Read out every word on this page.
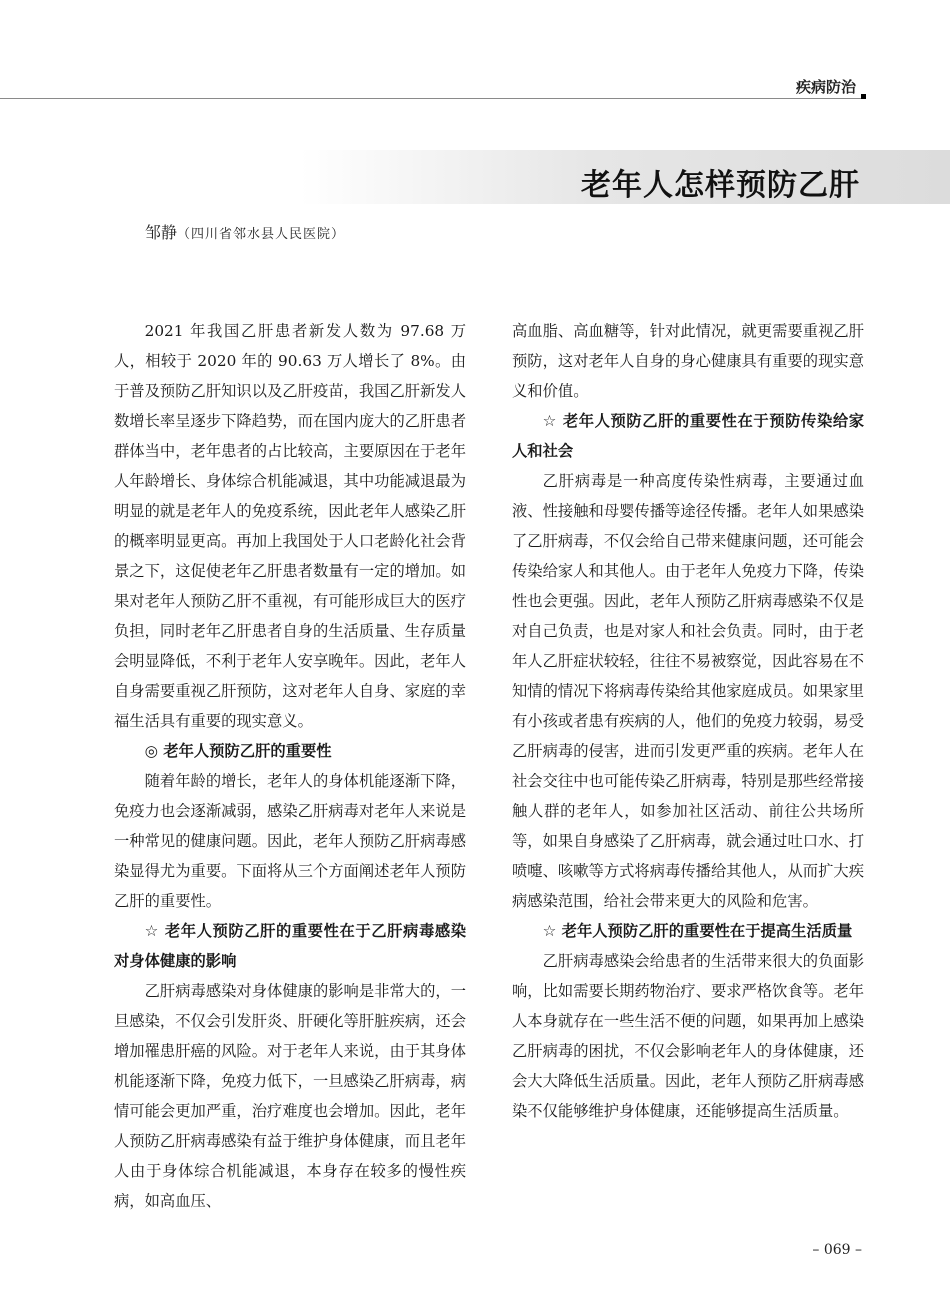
疾病防治
老年人怎样预防乙肝
邹静（四川省邻水县人民医院）

2021 年我国乙肝患者新发人数为 97.68 万人，相较于 2020 年的 90.63 万人增长了 8%。由于普及预防乙肝知识以及乙肝疫苗，我国乙肝新发人数增长率呈逐步下降趋势，而在国内庞大的乙肝患者群体当中，老年患者的占比较高，主要原因在于老年人年龄增长、身体综合机能减退，其中功能减退最为明显的就是老年人的免疫系统，因此老年人感染乙肝的概率明显更高。再加上我国处于人口老龄化社会背景之下，这促使老年乙肝患者数量有一定的增加。如果对老年人预防乙肝不重视，有可能形成巨大的医疗负担，同时老年乙肝患者自身的生活质量、生存质量会明显降低，不利于老年人安享晚年。因此，老年人自身需要重视乙肝预防，这对老年人自身、家庭的幸福生活具有重要的现实意义。

◎ 老年人预防乙肝的重要性

随着年龄的增长，老年人的身体机能逐渐下降，免疫力也会逐渐减弱，感染乙肝病毒对老年人来说是一种常见的健康问题。因此，老年人预防乙肝病毒感染显得尤为重要。下面将从三个方面阐述老年人预防乙肝的重要性。

☆ 老年人预防乙肝的重要性在于乙肝病毒感染对身体健康的影响

乙肝病毒感染对身体健康的影响是非常大的，一旦感染，不仅会引发肝炎、肝硬化等肝脏疾病，还会增加罹患肝癌的风险。对于老年人来说，由于其身体机能逐渐下降，免疫力低下，一旦感染乙肝病毒，病情可能会更加严重，治疗难度也会增加。因此，老年人预防乙肝病毒感染有益于维护身体健康，而且老年人由于身体综合机能减退，本身存在较多的慢性疾病，如高血压、

高血脂、高血糖等，针对此情况，就更需要重视乙肝预防，这对老年人自身的身心健康具有重要的现实意义和价值。

☆ 老年人预防乙肝的重要性在于预防传染给家人和社会

乙肝病毒是一种高度传染性病毒，主要通过血液、性接触和母婴传播等途径传播。老年人如果感染了乙肝病毒，不仅会给自己带来健康问题，还可能会传染给家人和其他人。由于老年人免疫力下降，传染性也会更强。因此，老年人预防乙肝病毒感染不仅是对自己负责，也是对家人和社会负责。同时，由于老年人乙肝症状较轻，往往不易被察觉，因此容易在不知情的情况下将病毒传染给其他家庭成员。如果家里有小孩或者患有疾病的人，他们的免疫力较弱，易受乙肝病毒的侵害，进而引发更严重的疾病。老年人在社会交往中也可能传染乙肝病毒，特别是那些经常接触人群的老年人，如参加社区活动、前往公共场所等，如果自身感染了乙肝病毒，就会通过吐口水、打喷嚏、咳嗽等方式将病毒传播给其他人，从而扩大疾病感染范围，给社会带来更大的风险和危害。

☆ 老年人预防乙肝的重要性在于提高生活质量

乙肝病毒感染会给患者的生活带来很大的负面影响，比如需要长期药物治疗、要求严格饮食等。老年人本身就存在一些生活不便的问题，如果再加上感染乙肝病毒的困扰，不仅会影响老年人的身体健康，还会大大降低生活质量。因此，老年人预防乙肝病毒感染不仅能够维护身体健康，还能够提高生活质量。

– 069 –
